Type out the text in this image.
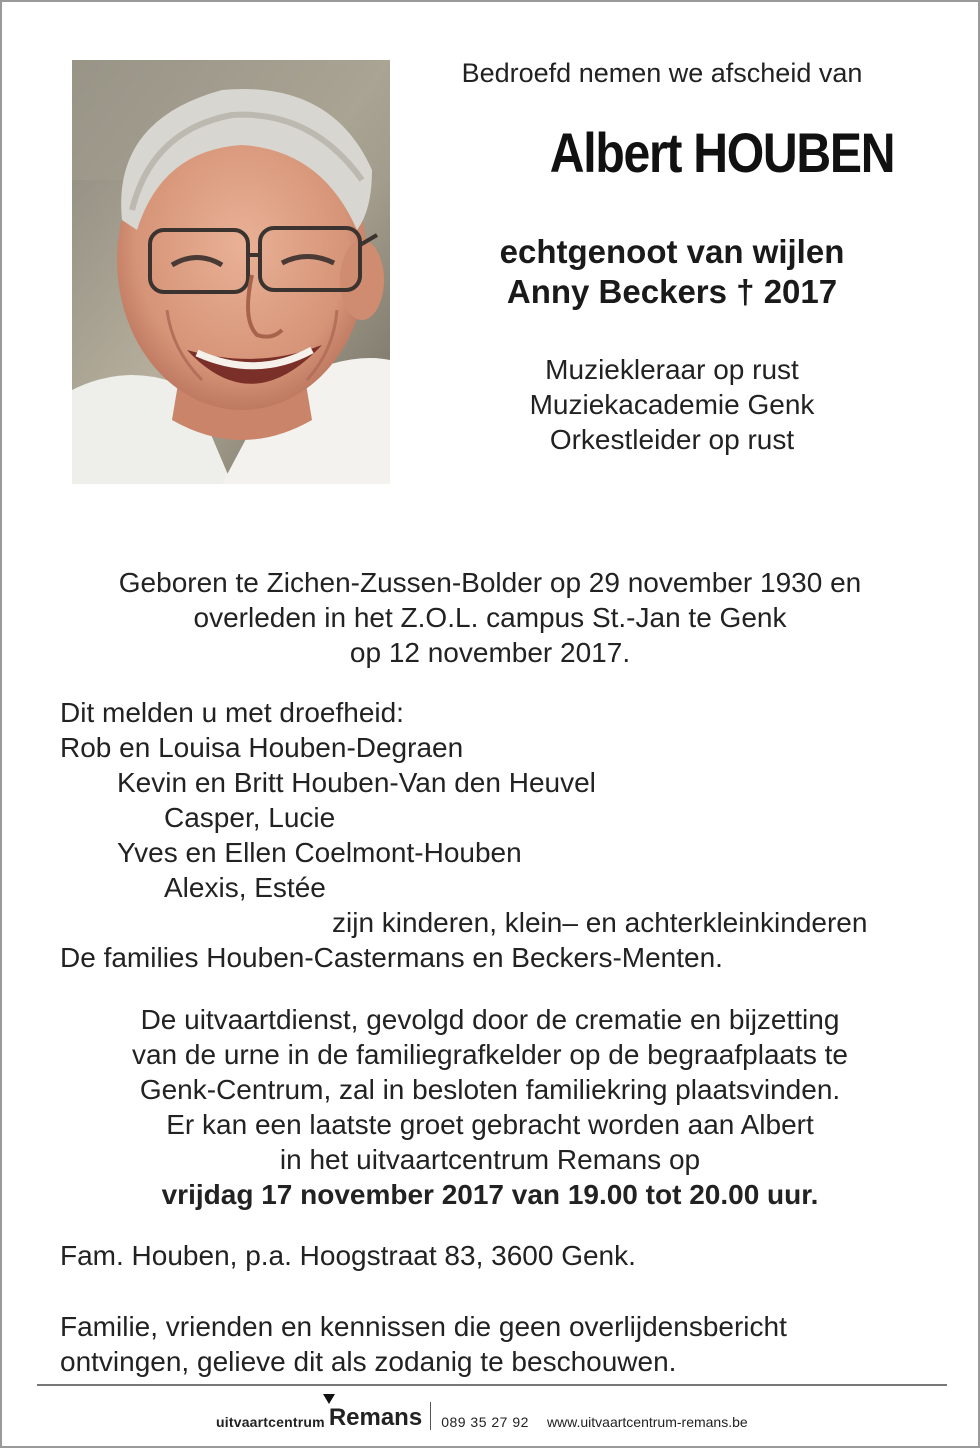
Bedroefd nemen we afscheid van
Albert HOUBEN
echtgenoot van wijlen
Anny Beckers † 2017
Muziekleraar op rust
Muziekacademie Genk
Orkestleider op rust
Geboren te Zichen-Zussen-Bolder op 29 november 1930 en
overleden in het Z.O.L. campus St.-Jan te Genk
op 12 november 2017.
Dit melden u met droefheid:
Rob en Louisa Houben-Degraen
Kevin en Britt Houben-Van den Heuvel
Casper, Lucie
Yves en Ellen Coelmont-Houben
Alexis, Estée
zijn kinderen, klein– en achterkleinkinderen
De families Houben-Castermans en Beckers-Menten.
De uitvaartdienst, gevolgd door de crematie en bijzetting
van de urne in de familiegrafkelder op de begraafplaats te
Genk-Centrum, zal in besloten familiekring plaatsvinden.
Er kan een laatste groet gebracht worden aan Albert
in het uitvaartcentrum Remans op
vrijdag 17 november 2017 van 19.00 tot 20.00 uur.
Fam. Houben, p.a. Hoogstraat 83, 3600 Genk.
Familie, vrienden en kennissen die geen overlijdensbericht
ontvingen, gelieve dit als zodanig te beschouwen.
uitvaartcentrum Remans 089 35 27 92 www.uitvaartcentrum-remans.be
